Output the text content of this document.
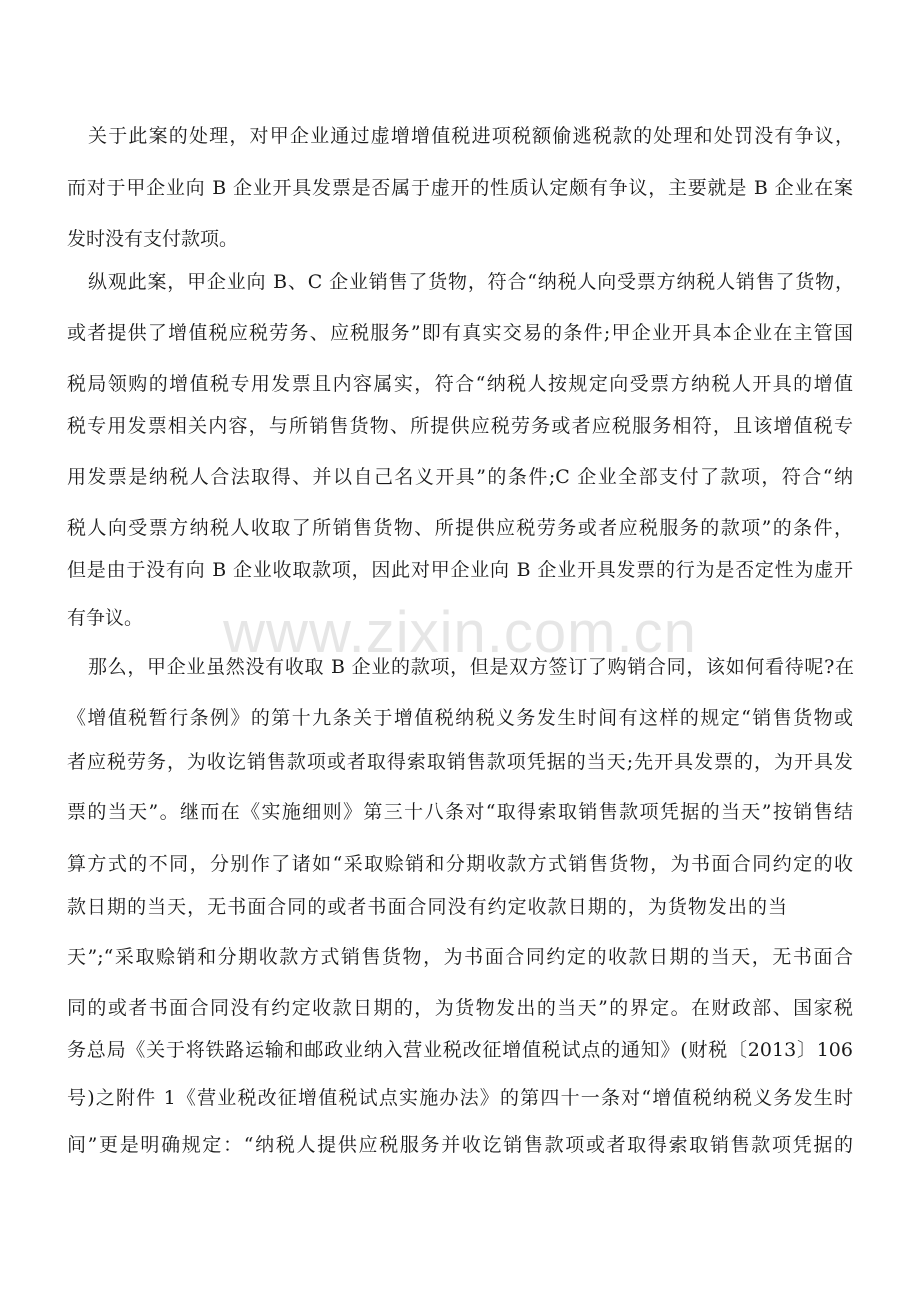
www.zixin.com.cn
关于此案的处理，对甲企业通过虚增增值税进项税额偷逃税款的处理和处罚没有争议，
而对于甲企业向 B 企业开具发票是否属于虚开的性质认定颇有争议，主要就是 B 企业在案
发时没有支付款项。
纵观此案，甲企业向 B、C 企业销售了货物，符合“纳税人向受票方纳税人销售了货物，
或者提供了增值税应税劳务、应税服务”即有真实交易的条件;甲企业开具本企业在主管国
税局领购的增值税专用发票且内容属实，符合“纳税人按规定向受票方纳税人开具的增值
税专用发票相关内容，与所销售货物、所提供应税劳务或者应税服务相符，且该增值税专
用发票是纳税人合法取得、并以自己名义开具”的条件;C 企业全部支付了款项，符合“纳
税人向受票方纳税人收取了所销售货物、所提供应税劳务或者应税服务的款项”的条件，
但是由于没有向 B 企业收取款项，因此对甲企业向 B 企业开具发票的行为是否定性为虚开
有争议。
那么，甲企业虽然没有收取 B 企业的款项，但是双方签订了购销合同，该如何看待呢?在
《增值税暂行条例》的第十九条关于增值税纳税义务发生时间有这样的规定“销售货物或
者应税劳务，为收讫销售款项或者取得索取销售款项凭据的当天;先开具发票的，为开具发
票的当天”。继而在《实施细则》第三十八条对“取得索取销售款项凭据的当天”按销售结
算方式的不同，分别作了诸如“采取赊销和分期收款方式销售货物，为书面合同约定的收
款日期的当天，无书面合同的或者书面合同没有约定收款日期的，为货物发出的当
天”;“采取赊销和分期收款方式销售货物，为书面合同约定的收款日期的当天，无书面合
同的或者书面合同没有约定收款日期的，为货物发出的当天”的界定。在财政部、国家税
务总局《关于将铁路运输和邮政业纳入营业税改征增值税试点的通知》(财税〔2013〕106
号)之附件 1《营业税改征增值税试点实施办法》的第四十一条对“增值税纳税义务发生时
间”更是明确规定：“纳税人提供应税服务并收讫销售款项或者取得索取销售款项凭据的
